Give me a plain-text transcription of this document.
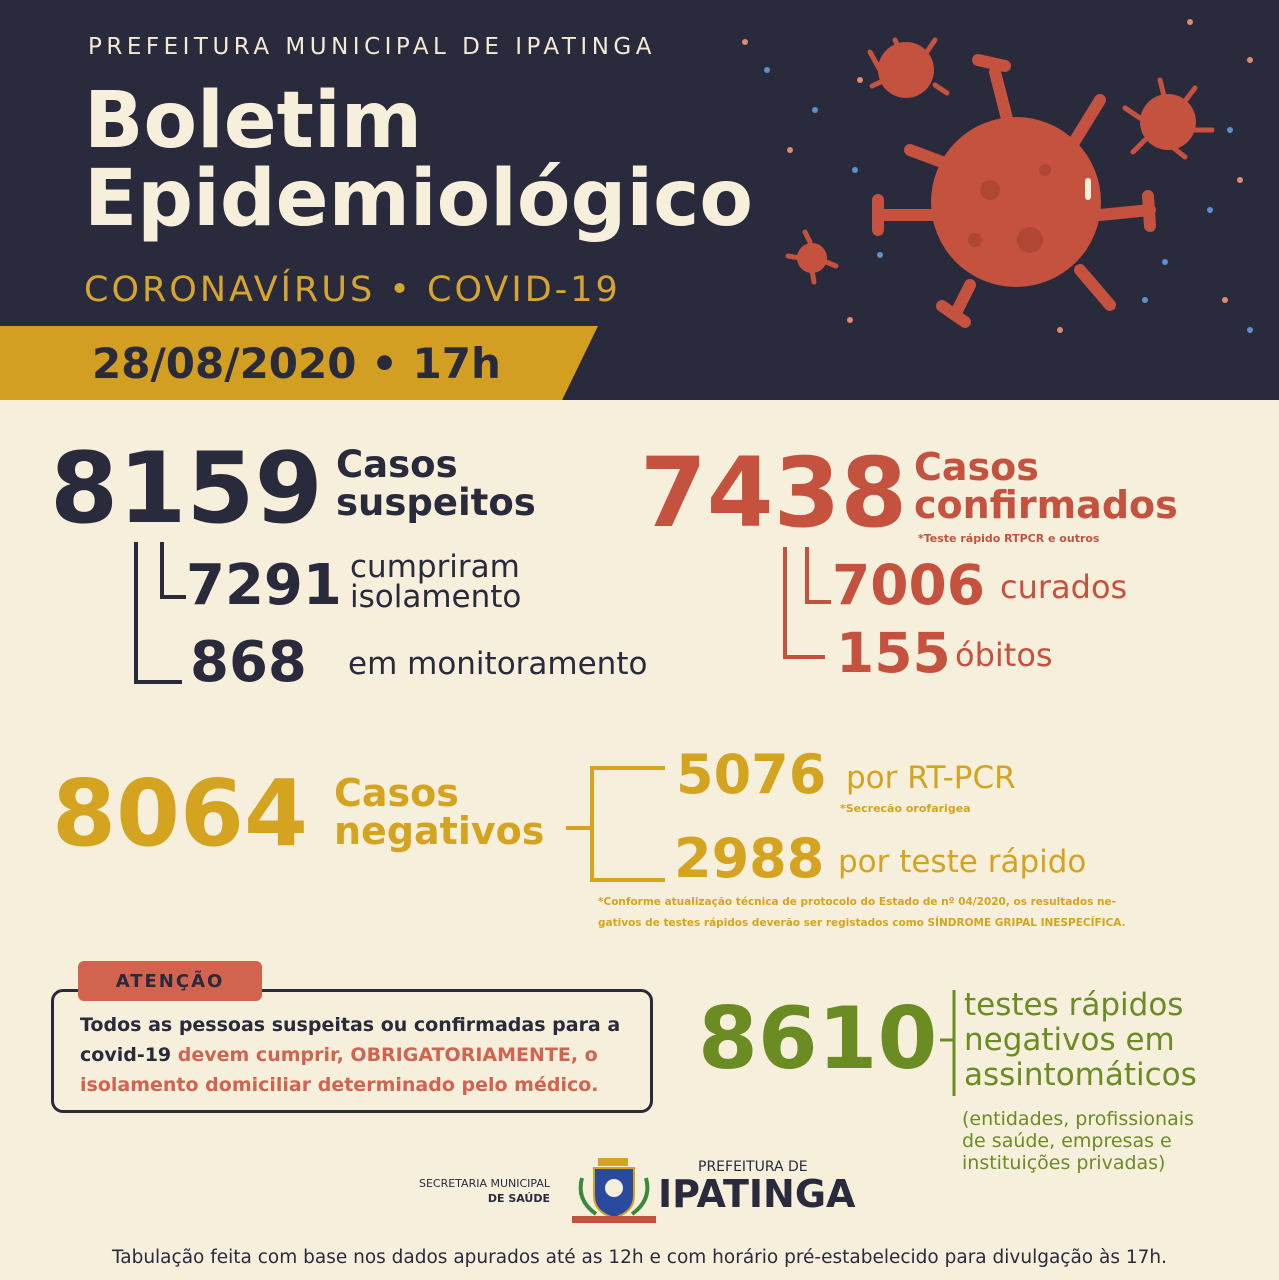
PREFEITURA MUNICIPAL DE IPATINGA
Boletim
Epidemiológico
CORONAVÍRUS • COVID-19
28/08/2020 • 17h
8159 Casos
suspeitos
7291 cumpriram
isolamento
868 em monitoramento
7438 Casos
confirmados
*Teste rápido RTPCR e outros
7006 curados
155 óbitos
8064 Casos
negativos
5076 por RT-PCR
*Secrecão orofarigea
2988 por teste rápido
*Conforme atualização técnica de protocolo do Estado de nº 04/2020, os resultados ne-
gativos de testes rápidos deverão ser registados como SÍNDROME GRIPAL INESPECÍFICA.
ATENÇÃO
Todos as pessoas suspeitas ou confirmadas para a covid-19 devem cumprir, OBRIGATORIAMENTE, o isolamento domiciliar determinado pelo médico.	8610 testes rápidos
negativos em
assintomáticos
(entidades, profissionais
de saúde, empresas e
instituições privadas)
SECRETARIA MUNICIPAL
DE SAÚDE
PREFEITURA DE
IPATINGA
Tabulação feita com base nos dados apurados até as 12h e com horário pré-estabelecido para divulgação às 17h.
